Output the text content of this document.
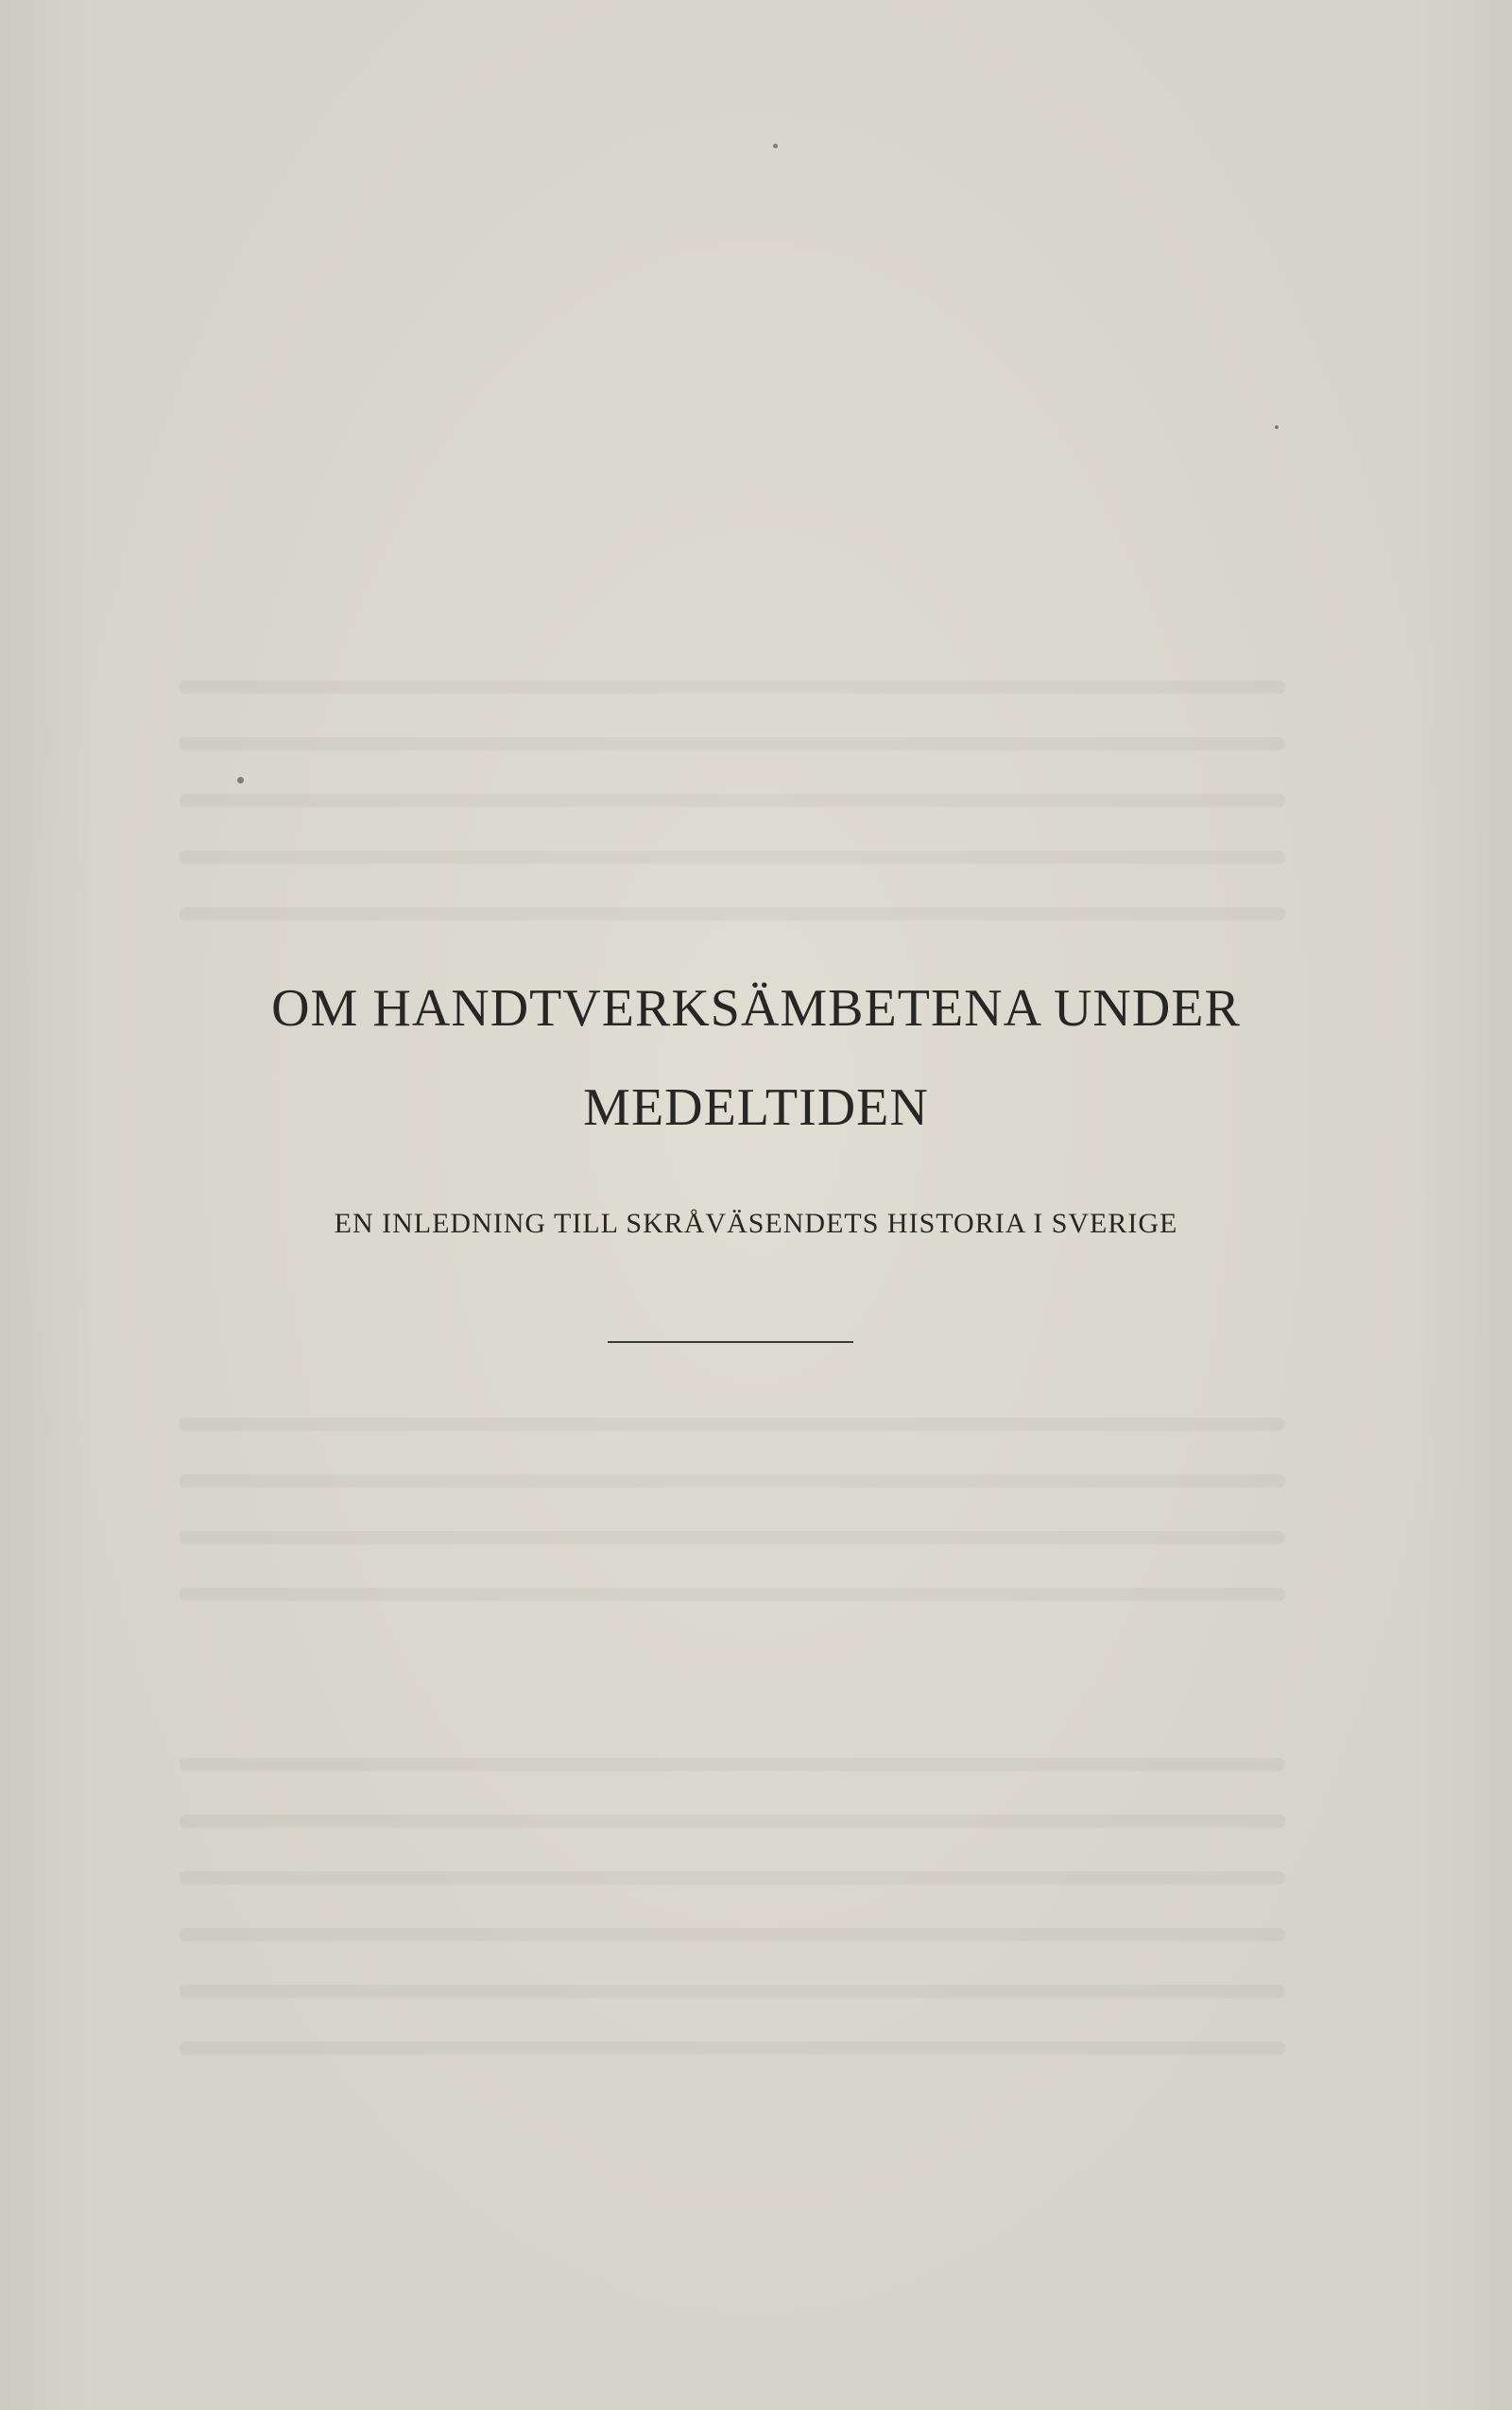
OM HANDTVERKSÄMBETENA UNDER
MEDELTIDEN

EN INLEDNING TILL SKRÅVÄSENDETS HISTORIA I SVERIGE
